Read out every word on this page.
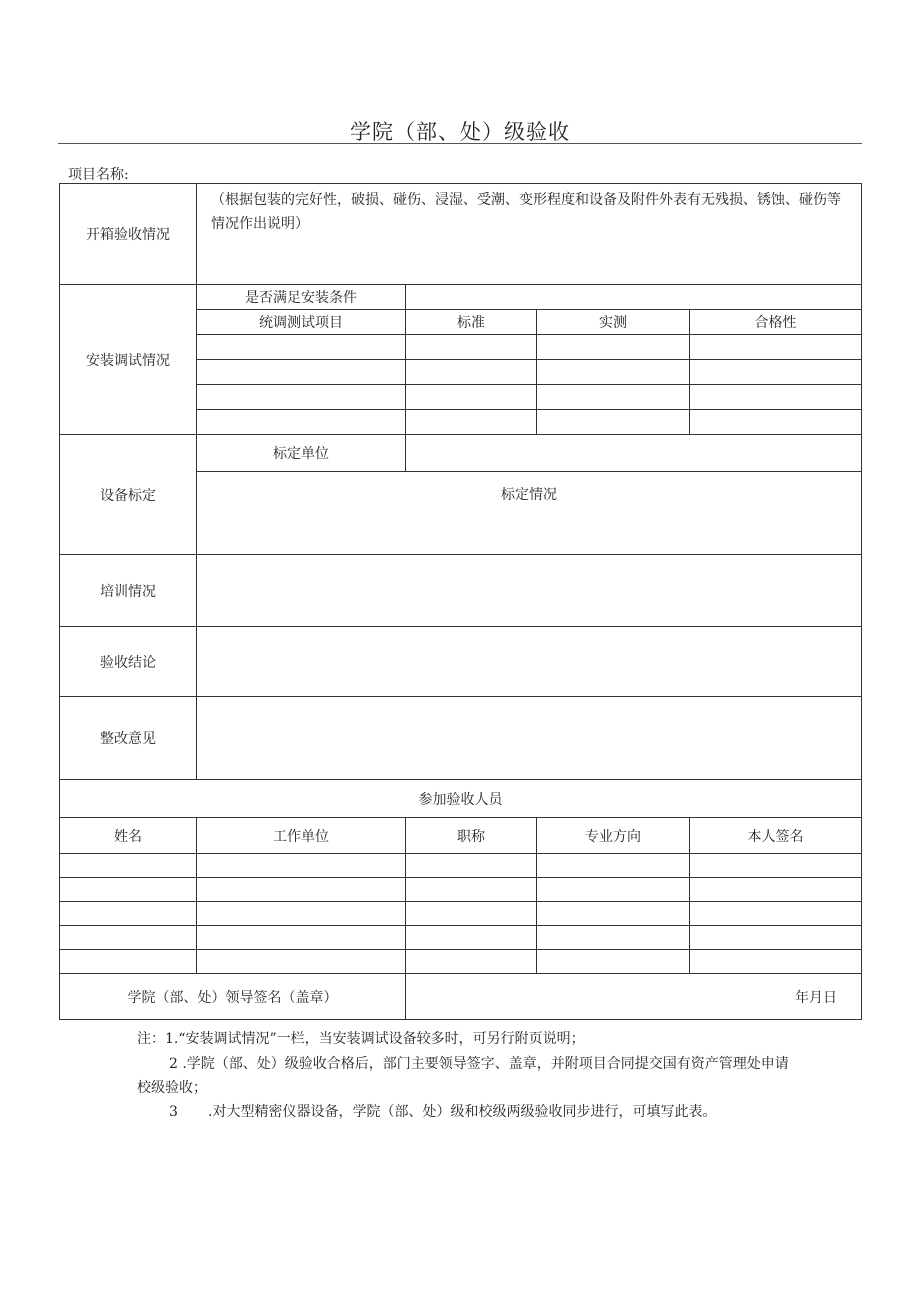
学院（部、处）级验收
项目名称:
开箱验收情况	（根据包装的完好性，破损、碰伤、浸湿、受潮、变形程度和设备及附件外表有无残损、锈蚀、碰伤等情况作出说明）			
安装调试情况	是否满足安装条件			
	统调测试项目	标准	实测	合格性

设备标定	标定单位			
	标定情况			
培训情况				
验收结论				
整改意见				
参加验收人员				
姓名	工作单位	职称	专业方向	本人签名

学院（部、处）领导签名（盖章）		年月日		
注：1.“安装调试情况”一栏，当安装调试设备较多时，可另行附页说明；
2 .学院（部、处）级验收合格后，部门主要领导签字、盖章，并附项目合同提交国有资产管理处申请
校级验收；
3 .对大型精密仪器设备，学院（部、处）级和校级两级验收同步进行，可填写此表。
